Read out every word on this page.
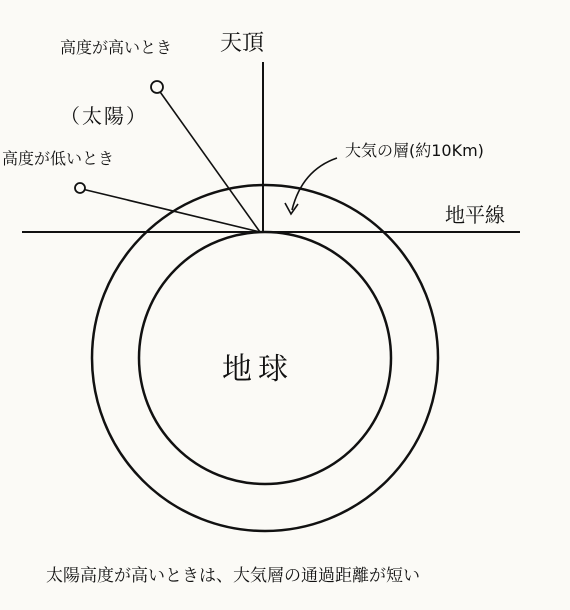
天頂
高度が高いとき
（太陽）
高度が低いとき	大気の層(約10Km)
地平線
地球
太陽高度が高いときは、大気層の通過距離が短い
